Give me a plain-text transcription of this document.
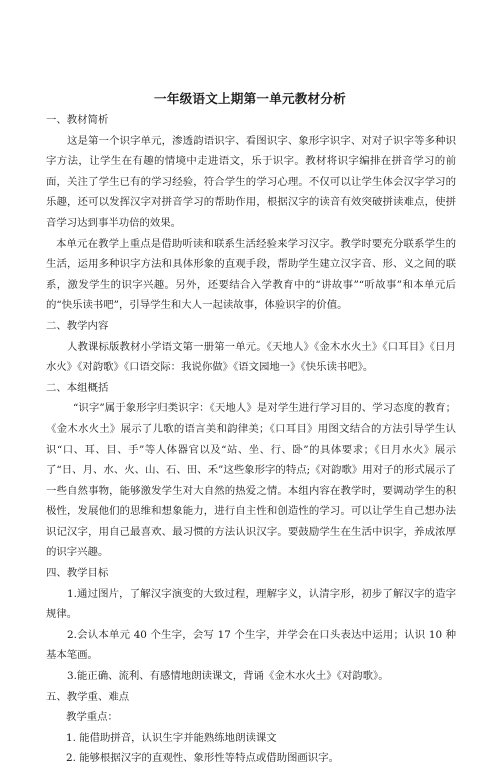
一年级语文上期第一单元教材分析

一、教材简析

这是第一个识字单元，渗透韵语识字、看图识字、象形字识字、对对子识字等多种识字方法，让学生在有趣的情境中走进语文，乐于识字。教材将识字编排在拼音学习的前面，关注了学生已有的学习经验，符合学生的学习心理。不仅可以让学生体会汉字学习的乐趣，还可以发挥汉字对拼音学习的帮助作用，根据汉字的读音有效突破拼读难点，使拼音学习达到事半功倍的效果。

本单元在教学上重点是借助听读和联系生活经验来学习汉字。教学时要充分联系学生的生活，运用多种识字方法和具体形象的直观手段，帮助学生建立汉字音、形、义之间的联系，激发学生的识字兴趣。另外，还要结合入学教育中的“讲故事”“听故事”和本单元后的“快乐读书吧”，引导学生和大人一起读故事，体验识字的价值。

二、教学内容

人教课标版教材小学语文第一册第一单元。《天地人》《金木水火土》《口耳目》《日月水火》《对韵歌》《口语交际：我说你做》《语文园地一》《快乐读书吧》。

二、本组概括

“识字”属于象形字归类识字：《天地人》是对学生进行学习目的、学习态度的教育；《金木水火土》展示了儿歌的语言美和韵律美；《口耳目》用图文结合的方法引导学生认识“口、耳、目、手”等人体器官以及“站、坐、行、卧”的具体要求；《日月水火》展示了“日、月、水、火、山、石、田、禾”这些象形字的特点;《对韵歌》用对子的形式展示了一些自然事物，能够激发学生对大自然的热爱之情。本组内容在教学时，要调动学生的积极性，发展他们的思维和想象能力，进行自主性和创造性的学习。可以让学生自己想办法识记汉字，用自己最喜欢、最习惯的方法认识汉字。要鼓励学生在生活中识字，养成浓厚的识字兴趣。

四、教学目标

1.通过图片，了解汉字演变的大致过程，理解字义，认清字形，初步了解汉字的造字规律。

2.会认本单元 40 个生字，会写 17 个生字，并学会在口头表达中运用；认识 10 种基本笔画。

3.能正确、流利、有感情地朗读课文，背诵《金木水火土》《对韵歌》。

五、教学重、难点

教学重点：

1. 能借助拼音，认识生字并能熟练地朗读课文

2. 能够根据汉字的直观性、象形性等特点或借助图画识字。
